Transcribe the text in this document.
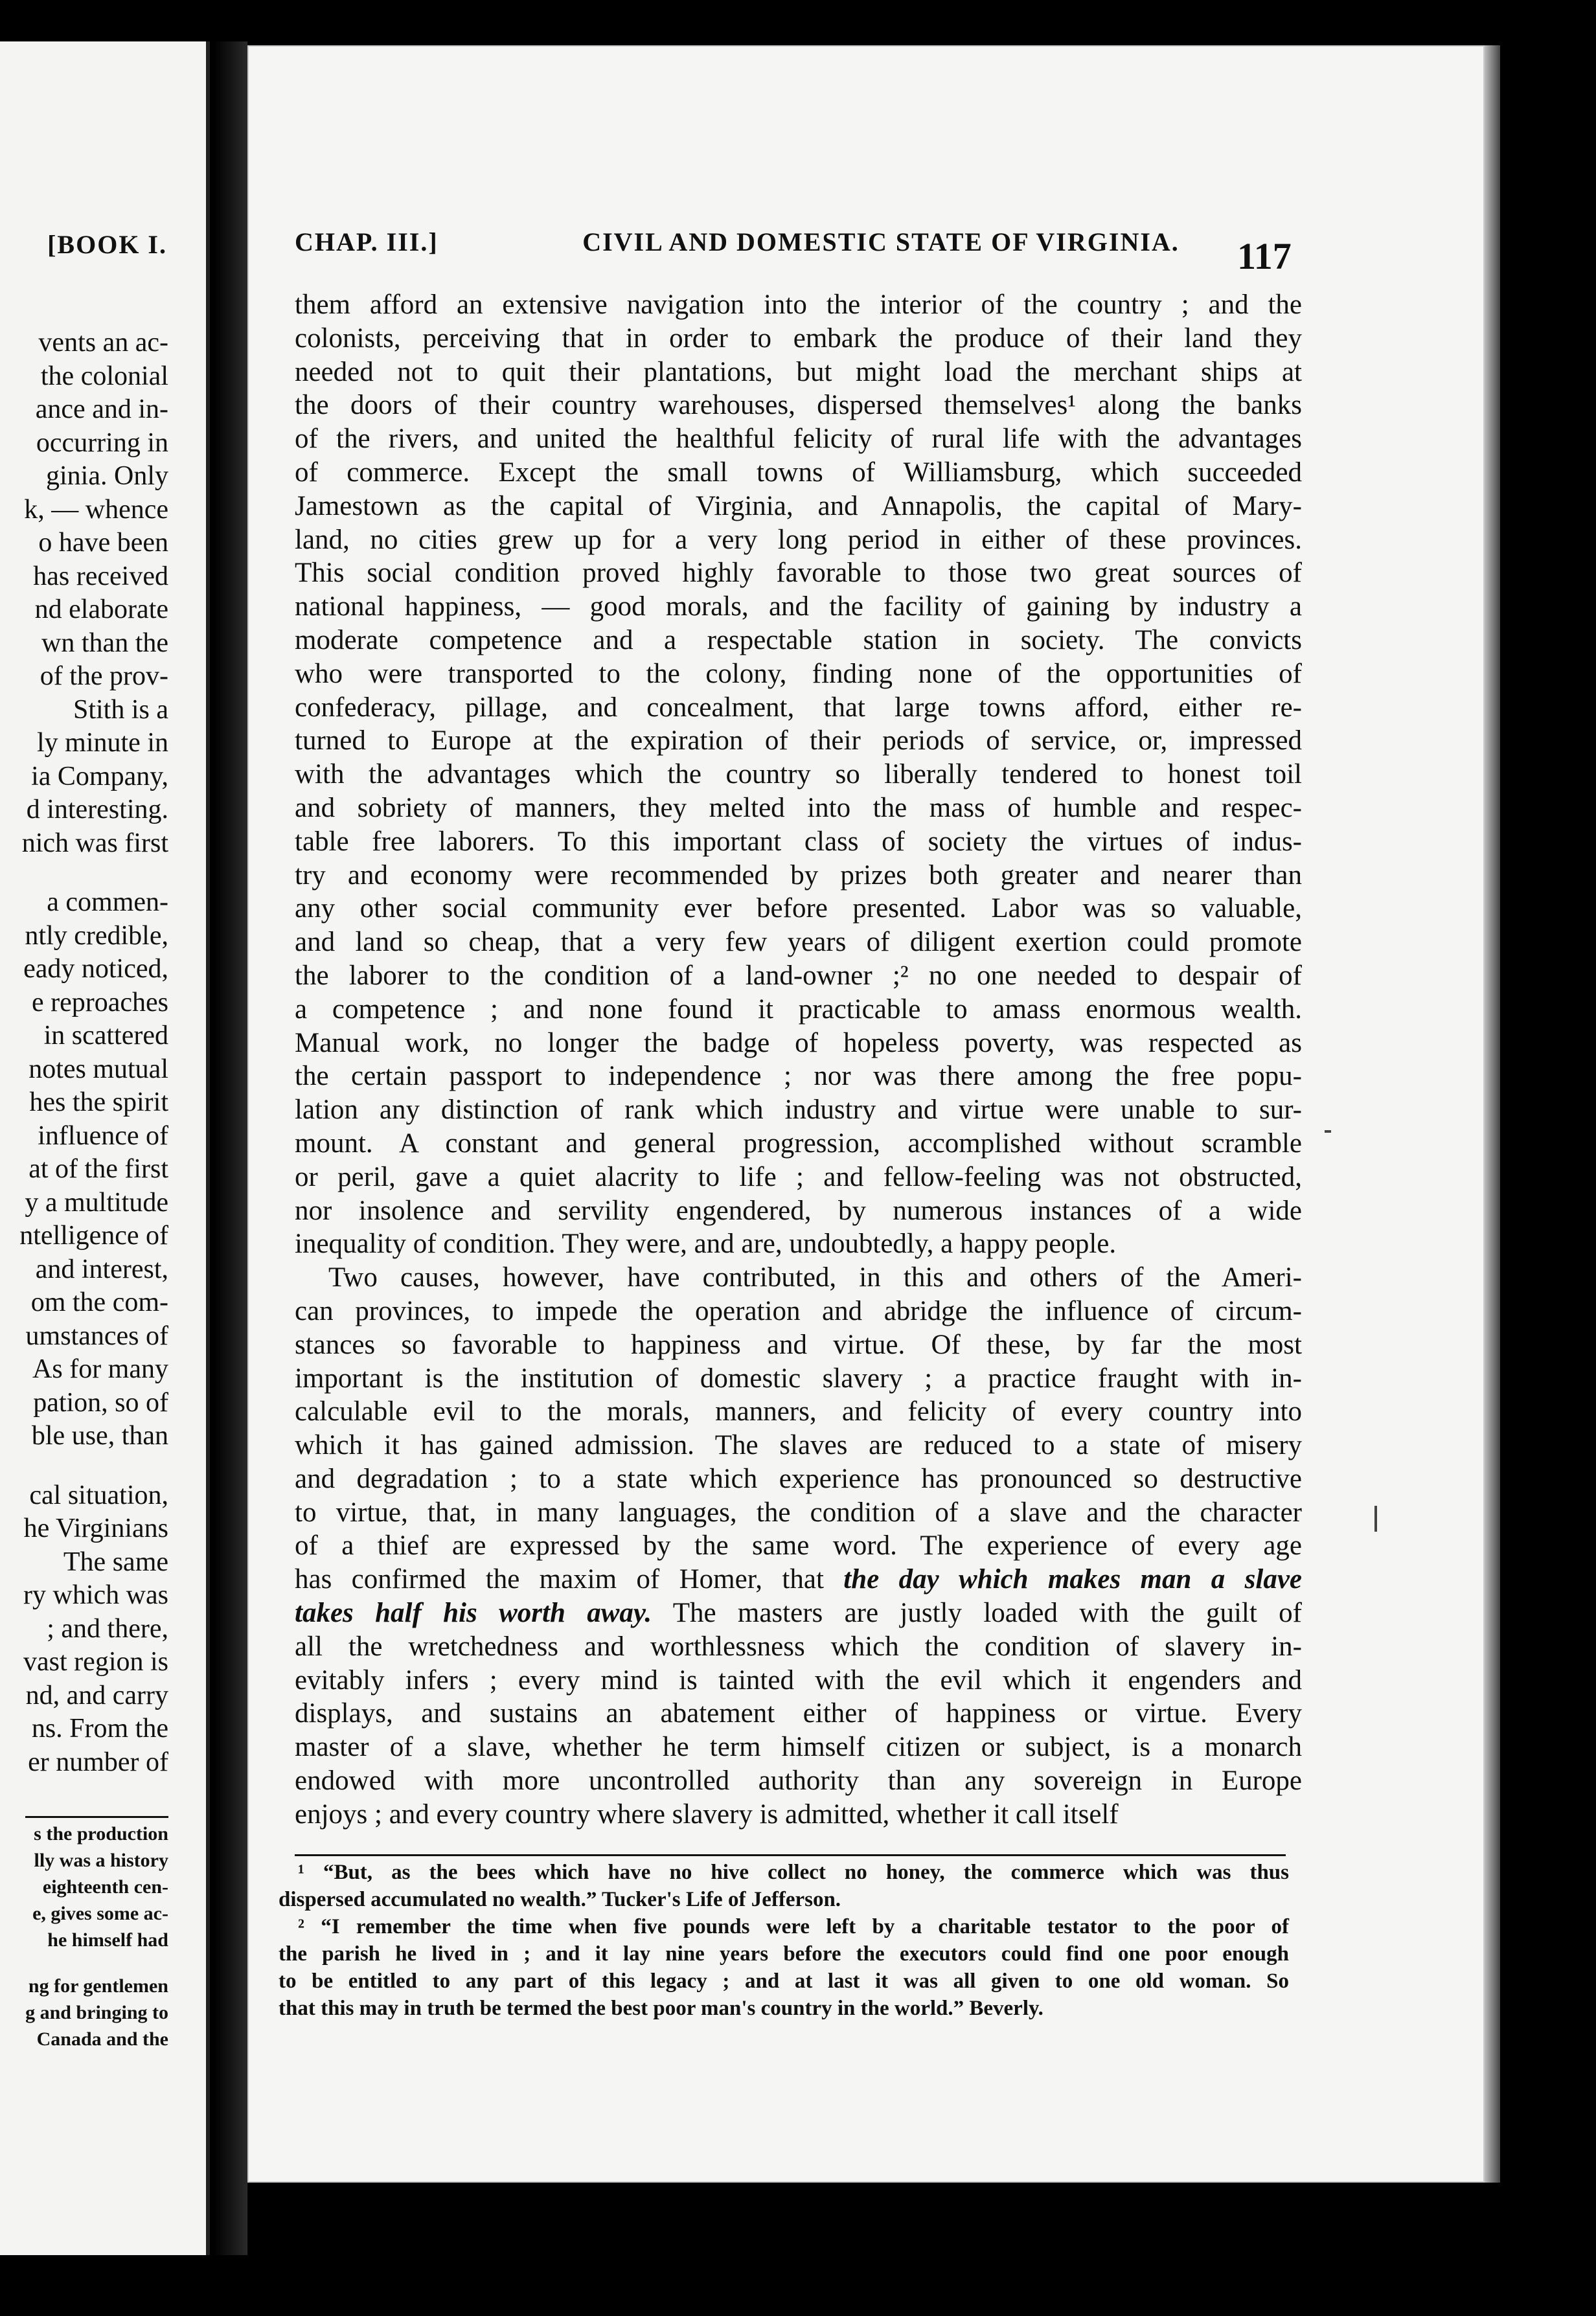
[BOOK I.
vents an ac-
the colonial
ance and in-
occurring in
ginia. Only
k, — whence
o have been
has received
nd elaborate
wn than the
of the prov-
Stith is a
ly minute in
ia Company,
d interesting.
nich was first
a commen-
ntly credible,
eady noticed,
e reproaches
in scattered
notes mutual
hes the spirit
influence of
at of the first
y a multitude
ntelligence of
and interest,
om the com-
umstances of
As for many
pation, so of
ble use, than
cal situation,
he Virginians
The same
ry which was
; and there,
vast region is
nd, and carry
ns. From the
er number of
s the production
lly was a history
eighteenth cen-
e, gives some ac-
he himself had
ng for gentlemen
g and bringing to
Canada and the
CHAP. III.]	CIVIL AND DOMESTIC STATE OF VIRGINIA.	117
them afford an extensive navigation into the interior of the country ; and the
colonists, perceiving that in order to embark the produce of their land they
needed not to quit their plantations, but might load the merchant ships at
the doors of their country warehouses, dispersed themselves¹ along the banks
of the rivers, and united the healthful felicity of rural life with the advantages
of commerce. Except the small towns of Williamsburg, which succeeded
Jamestown as the capital of Virginia, and Annapolis, the capital of Mary-
land, no cities grew up for a very long period in either of these provinces.
This social condition proved highly favorable to those two great sources of
national happiness, — good morals, and the facility of gaining by industry a
moderate competence and a respectable station in society. The convicts
who were transported to the colony, finding none of the opportunities of
confederacy, pillage, and concealment, that large towns afford, either re-
turned to Europe at the expiration of their periods of service, or, impressed
with the advantages which the country so liberally tendered to honest toil
and sobriety of manners, they melted into the mass of humble and respec-
table free laborers. To this important class of society the virtues of indus-
try and economy were recommended by prizes both greater and nearer than
any other social community ever before presented. Labor was so valuable,
and land so cheap, that a very few years of diligent exertion could promote
the laborer to the condition of a land-owner ;² no one needed to despair of
a competence ; and none found it practicable to amass enormous wealth.
Manual work, no longer the badge of hopeless poverty, was respected as
the certain passport to independence ; nor was there among the free popu-
lation any distinction of rank which industry and virtue were unable to sur-
mount. A constant and general progression, accomplished without scramble
or peril, gave a quiet alacrity to life ; and fellow-feeling was not obstructed,
nor insolence and servility engendered, by numerous instances of a wide
inequality of condition. They were, and are, undoubtedly, a happy people.
Two causes, however, have contributed, in this and others of the Ameri-
can provinces, to impede the operation and abridge the influence of circum-
stances so favorable to happiness and virtue. Of these, by far the most
important is the institution of domestic slavery ; a practice fraught with in-
calculable evil to the morals, manners, and felicity of every country into
which it has gained admission. The slaves are reduced to a state of misery
and degradation ; to a state which experience has pronounced so destructive
to virtue, that, in many languages, the condition of a slave and the character
of a thief are expressed by the same word. The experience of every age
has confirmed the maxim of Homer, that the day which makes man a slave
takes half his worth away. The masters are justly loaded with the guilt of
all the wretchedness and worthlessness which the condition of slavery in-
evitably infers ; every mind is tainted with the evil which it engenders and
displays, and sustains an abatement either of happiness or virtue. Every
master of a slave, whether he term himself citizen or subject, is a monarch
endowed with more uncontrolled authority than any sovereign in Europe
enjoys ; and every country where slavery is admitted, whether it call itself
¹ “But, as the bees which have no hive collect no honey, the commerce which was thus
dispersed accumulated no wealth.” Tucker's Life of Jefferson.
² “I remember the time when five pounds were left by a charitable testator to the poor of
the parish he lived in ; and it lay nine years before the executors could find one poor enough
to be entitled to any part of this legacy ; and at last it was all given to one old woman. So
that this may in truth be termed the best poor man's country in the world.” Beverly.
